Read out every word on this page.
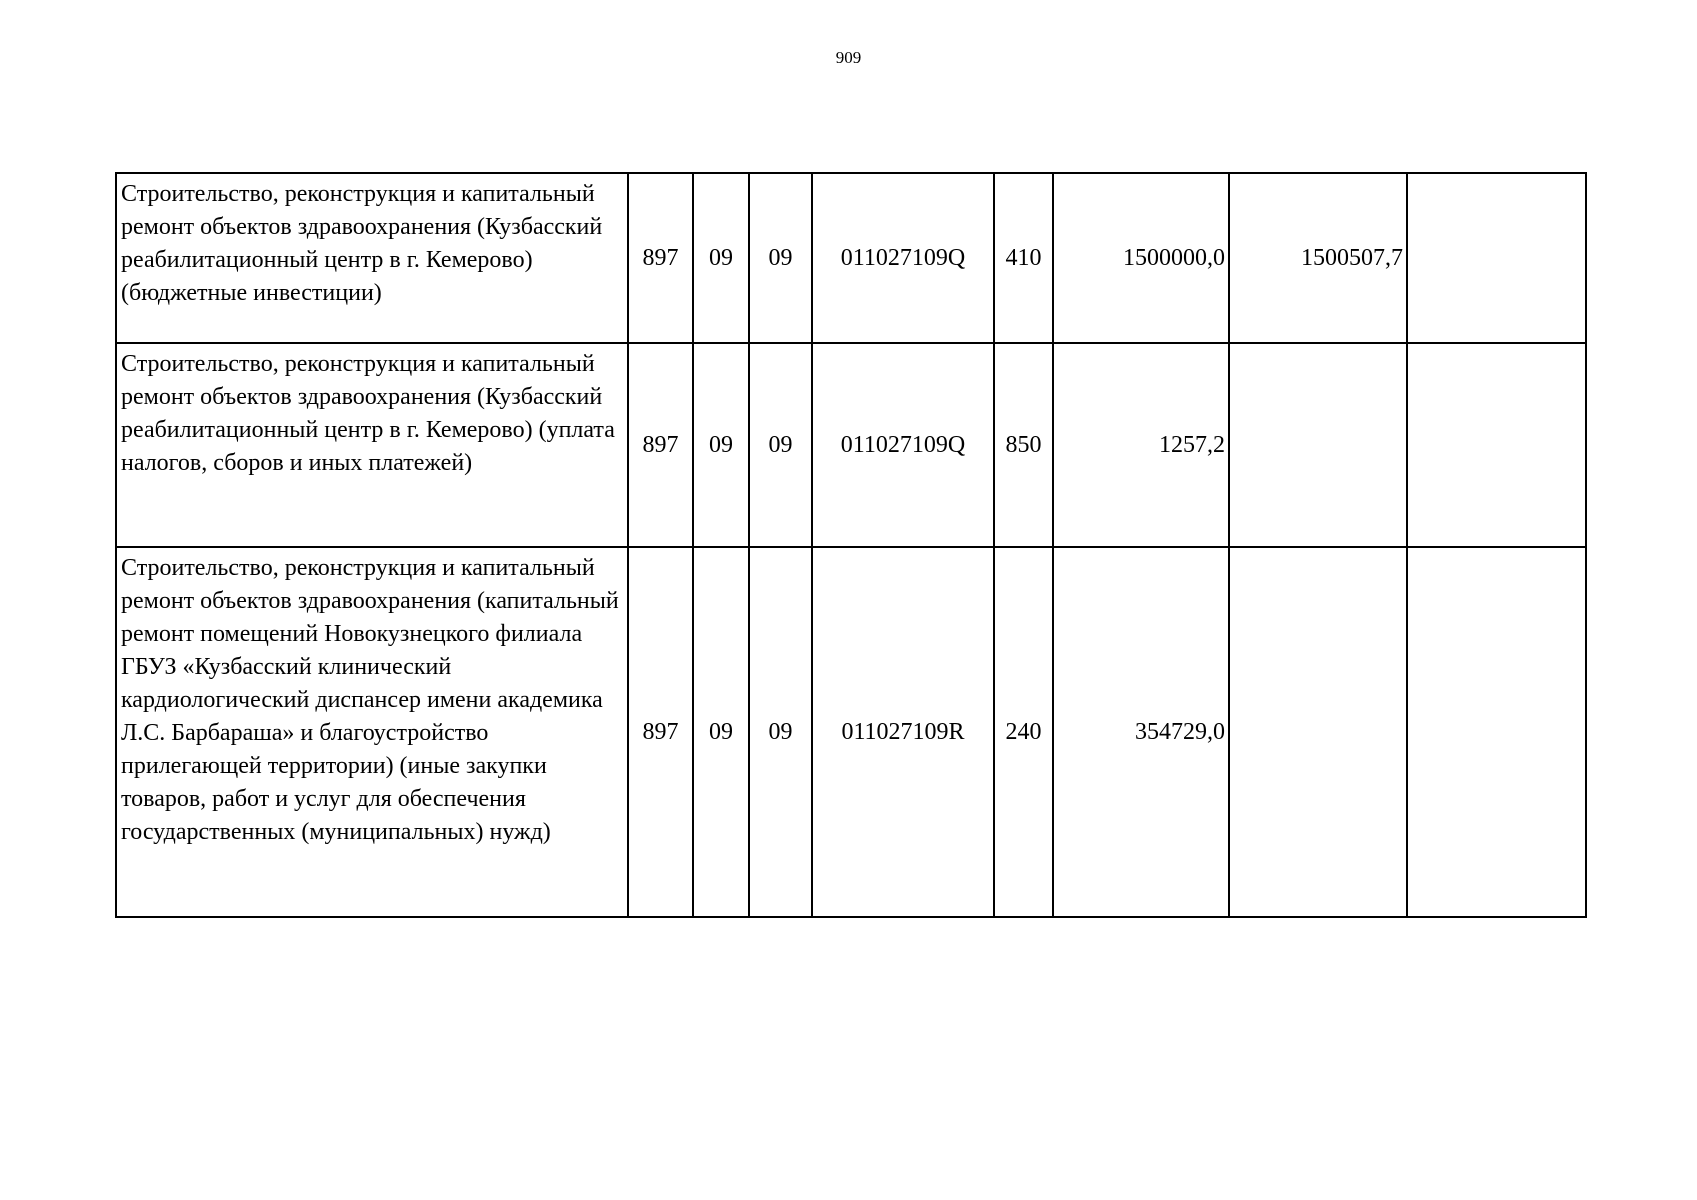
909
Строительство, реконструкция и капитальный ремонт объектов здравоохранения (Кузбасский реабилитационный центр в г. Кемерово) (бюджетные инвестиции)	897	09	09	011027109Q	410	1500000,0	1500507,7	
Строительство, реконструкция и капитальный ремонт объектов здравоохранения (Кузбасский реабилитационный центр в г. Кемерово) (уплата налогов, сборов и иных платежей)	897	09	09	011027109Q	850	1257,2		
Строительство, реконструкция и капитальный ремонт объектов здравоохранения (капитальный ремонт помещений Новокузнецкого филиала ГБУЗ «Кузбасский клинический кардиологический диспансер имени академика Л.С. Барбараша» и благоустройство прилегающей территории) (иные закупки товаров, работ и услуг для обеспечения государственных (муниципальных) нужд)	897	09	09	011027109R	240	354729,0		
